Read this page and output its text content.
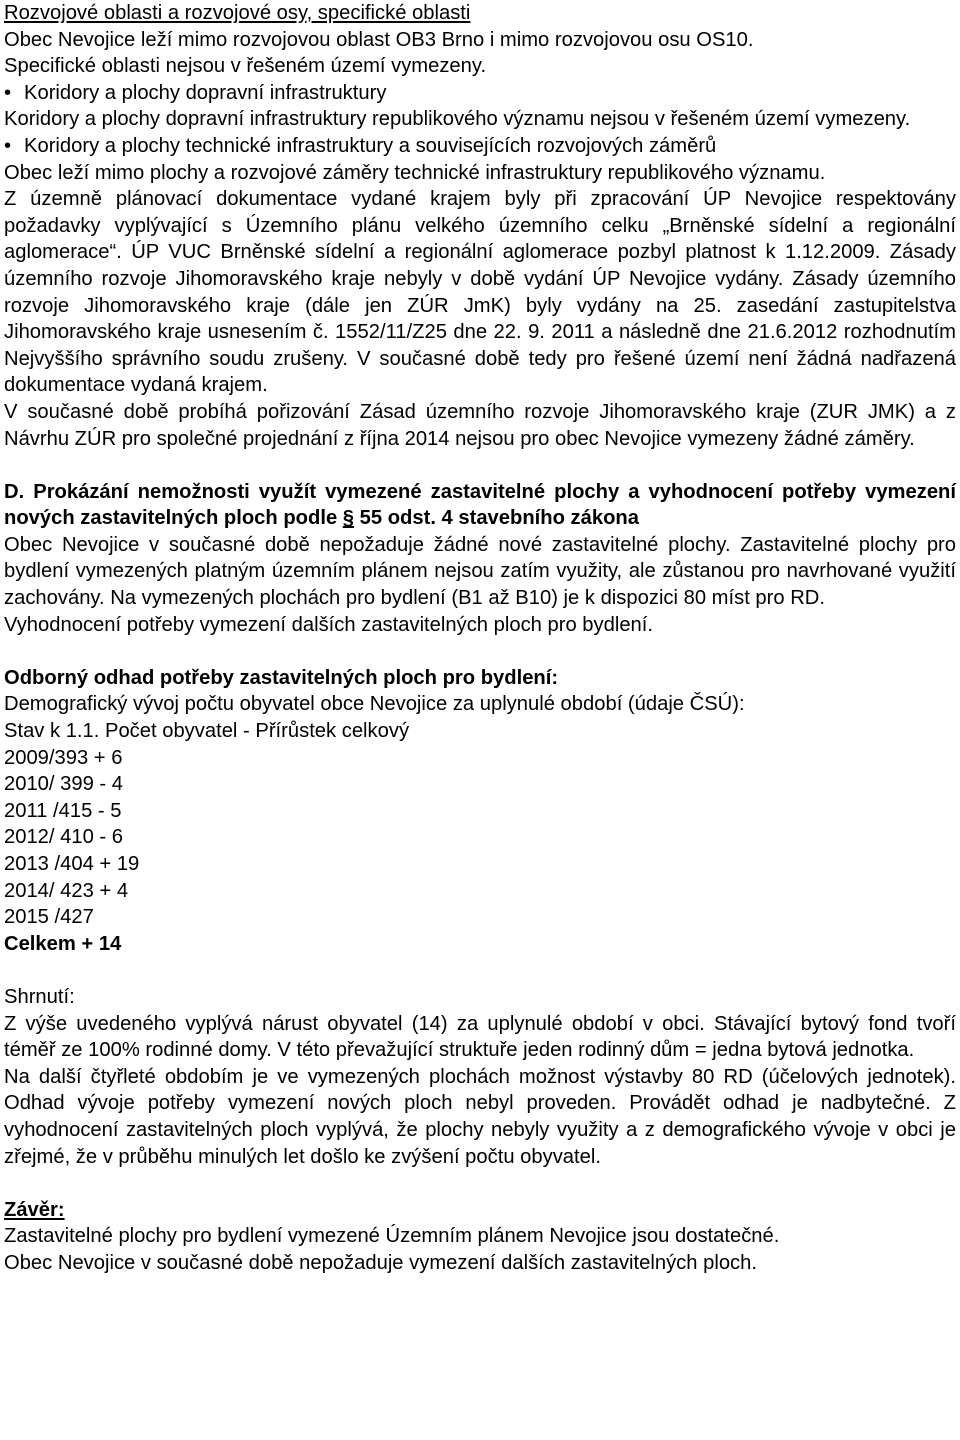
Rozvojové oblasti a rozvojové osy, specifické oblasti

Obec Nevojice leží mimo rozvojovou oblast OB3 Brno i mimo rozvojovou osu OS10.

Specifické oblasti nejsou v řešeném území vymezeny.

• Koridory a plochy dopravní infrastruktury

Koridory a plochy dopravní infrastruktury republikového významu nejsou v řešeném území vymezeny.

• Koridory a plochy technické infrastruktury a souvisejících rozvojových záměrů

Obec leží mimo plochy a rozvojové záměry technické infrastruktury republikového významu.

Z územně plánovací dokumentace vydané krajem byly při zpracování ÚP Nevojice respektovány požadavky vyplývající s Územního plánu velkého územního celku „Brněnské sídelní a regionální aglomerace“. ÚP VUC Brněnské sídelní a regionální aglomerace pozbyl platnost k 1.12.2009. Zásady územního rozvoje Jihomoravského kraje nebyly v době vydání ÚP Nevojice vydány. Zásady územního rozvoje Jihomoravského kraje (dále jen ZÚR JmK) byly vydány na 25. zasedání zastupitelstva Jihomoravského kraje usnesením č. 1552/11/Z25 dne 22. 9. 2011 a následně dne 21.6.2012 rozhodnutím Nejvyššího správního soudu zrušeny. V současné době tedy pro řešené území není žádná nadřazená dokumentace vydaná krajem.

V současné době probíhá pořizování Zásad územního rozvoje Jihomoravského kraje (ZUR JMK) a z Návrhu ZÚR pro společné projednání z října 2014 nejsou pro obec Nevojice vymezeny žádné záměry.

D. Prokázání nemožnosti využít vymezené zastavitelné plochy a vyhodnocení potřeby vymezení nových zastavitelných ploch podle § 55 odst. 4 stavebního zákona

Obec Nevojice v současné době nepožaduje žádné nové zastavitelné plochy. Zastavitelné plochy pro bydlení vymezených platným územním plánem nejsou zatím využity, ale zůstanou pro navrhované využití zachovány. Na vymezených plochách pro bydlení (B1 až B10) je k dispozici 80 míst pro RD.

Vyhodnocení potřeby vymezení dalších zastavitelných ploch pro bydlení.

Odborný odhad potřeby zastavitelných ploch pro bydlení:

Demografický vývoj počtu obyvatel obce Nevojice za uplynulé období (údaje ČSÚ):

Stav k 1.1. Počet obyvatel - Přírůstek celkový

2009/393 + 6

2010/ 399 - 4

2011 /415 - 5

2012/ 410 - 6

2013 /404 + 19

2014/ 423 + 4

2015 /427

Celkem + 14

Shrnutí:

Z výše uvedeného vyplývá nárust obyvatel (14) za uplynulé období v obci. Stávající bytový fond tvoří téměř ze 100% rodinné domy. V této převažující struktuře jeden rodinný dům = jedna bytová jednotka.

Na další čtyřleté obdobím je ve vymezených plochách možnost výstavby 80 RD (účelových jednotek). Odhad vývoje potřeby vymezení nových ploch nebyl proveden. Provádět odhad je nadbytečné. Z vyhodnocení zastavitelných ploch vyplývá, že plochy nebyly využity a z demografického vývoje v obci je zřejmé, že v průběhu minulých let došlo ke zvýšení počtu obyvatel.

Závěr:

Zastavitelné plochy pro bydlení vymezené Územním plánem Nevojice jsou dostatečné.

Obec Nevojice v současné době nepožaduje vymezení dalších zastavitelných ploch.
